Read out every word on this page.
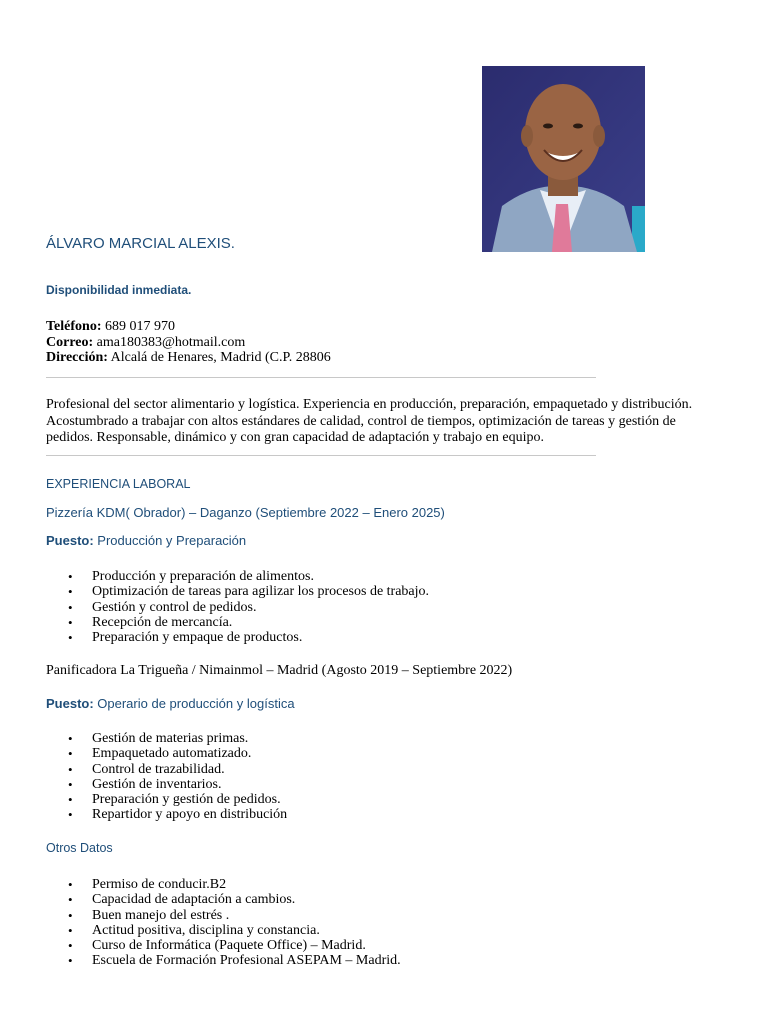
ÁLVARO MARCIAL ALEXIS.
Disponibilidad inmediata.
Teléfono: 689 017 970
Correo: ama180383@hotmail.com
Dirección: Alcalá de Henares, Madrid (C.P. 28806
Profesional del sector alimentario y logística. Experiencia en producción, preparación, empaquetado y distribución. Acostumbrado a trabajar con altos estándares de calidad, control de tiempos, optimización de tareas y gestión de pedidos. Responsable, dinámico y con gran capacidad de adaptación y trabajo en equipo.
EXPERIENCIA LABORAL
Pizzería KDM( Obrador) – Daganzo (Septiembre 2022 – Enero 2025)
Puesto: Producción y Preparación
• Producción y preparación de alimentos.
• Optimización de tareas para agilizar los procesos de trabajo.
• Gestión y control de pedidos.
• Recepción de mercancía.
• Preparación y empaque de productos.
Panificadora La Trigueña / Nimainmol – Madrid (Agosto 2019 – Septiembre 2022)
Puesto: Operario de producción y logística
• Gestión de materias primas.
• Empaquetado automatizado.
• Control de trazabilidad.
• Gestión de inventarios.
• Preparación y gestión de pedidos.
• Repartidor y apoyo en distribución
Otros Datos
• Permiso de conducir.B2
• Capacidad de adaptación a cambios.
• Buen manejo del estrés .
• Actitud positiva, disciplina y constancia.
• Curso de Informática (Paquete Office) – Madrid.
• Escuela de Formación Profesional ASEPAM – Madrid.
